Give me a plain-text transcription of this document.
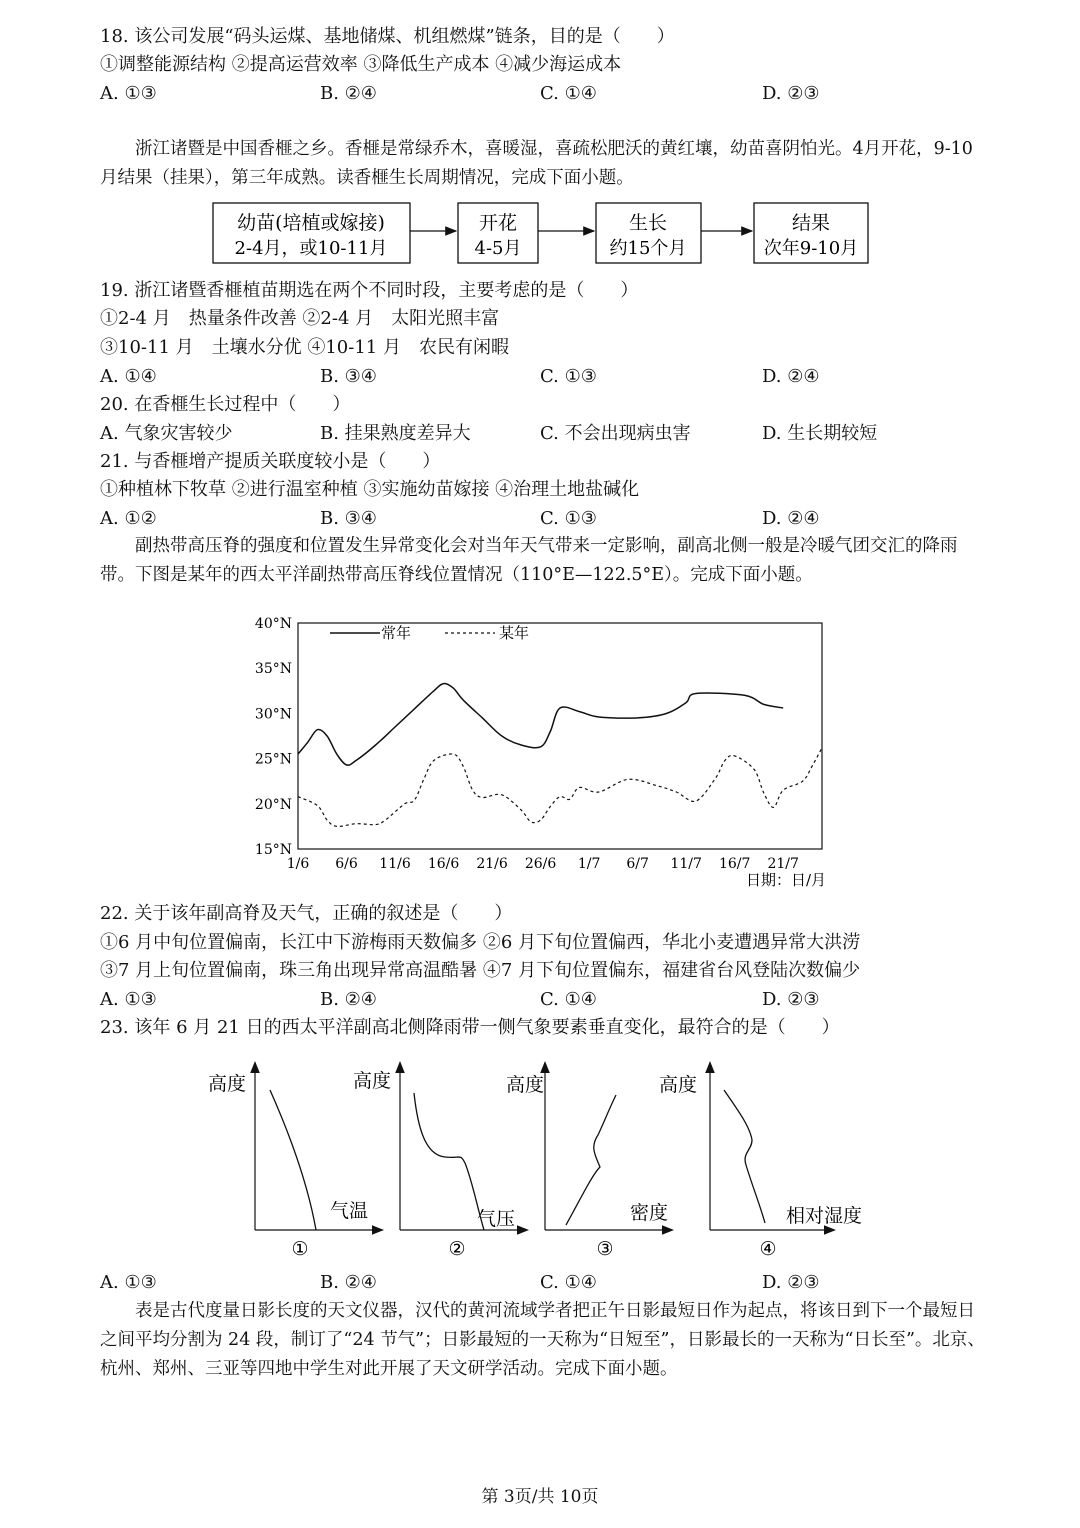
18. 该公司发展“码头运煤、基地储煤、机组燃煤”链条，目的是（　　）
①调整能源结构 ②提高运营效率 ③降低生产成本 ④减少海运成本
A. ①③	B. ②④	C. ①④	D. ②③
浙江诸暨是中国香榧之乡。香榧是常绿乔木，喜暖湿，喜疏松肥沃的黄红壤，幼苗喜阴怕光。4月开花，9-10月结果（挂果），第三年成熟。读香榧生长周期情况，完成下面小题。
幼苗(培植或嫁接)
2-4月，或10-11月
开花
4-5月
生长
约15个月
结果
次年9-10月
19. 浙江诸暨香榧植苗期选在两个不同时段，主要考虑的是（　　）
①2-4 月　热量条件改善 ②2-4 月　太阳光照丰富
③10-11 月　土壤水分优 ④10-11 月　农民有闲暇
A. ①④	B. ③④	C. ①③	D. ②④
20. 在香榧生长过程中（　　）
A. 气象灾害较少	B. 挂果熟度差异大	C. 不会出现病虫害	D. 生长期较短
21. 与香榧增产提质关联度较小是（　　）
①种植林下牧草 ②进行温室种植 ③实施幼苗嫁接 ④治理土地盐碱化
A. ①②	B. ③④	C. ①③	D. ②④
副热带高压脊的强度和位置发生异常变化会对当年天气带来一定影响，副高北侧一般是冷暖气团交汇的降雨带。下图是某年的西太平洋副热带高压脊线位置情况（110°E—122.5°E）。完成下面小题。
15°N
20°N
25°N
30°N
35°N
40°N
1/6 6/6 11/6 16/6 21/6 26/6 1/7 6/7 11/7 16/7 21/7
常年	某年
日期：日/月
22. 关于该年副高脊及天气，正确的叙述是（　　）
①6 月中旬位置偏南，长江中下游梅雨天数偏多 ②6 月下旬位置偏西，华北小麦遭遇异常大洪涝
③7 月上旬位置偏南，珠三角出现异常高温酷暑 ④7 月下旬位置偏东，福建省台风登陆次数偏少
A. ①③	B. ②④	C. ①④	D. ②③
23. 该年 6 月 21 日的西太平洋副高北侧降雨带一侧气象要素垂直变化，最符合的是（　　）
高度
气温
①
高度
气压
②
高度
密度
③
高度
相对湿度
④
A. ①③	B. ②④	C. ①④	D. ②③
表是古代度量日影长度的天文仪器，汉代的黄河流域学者把正午日影最短日作为起点，将该日到下一个最短日之间平均分割为 24 段，制订了“24 节气”；日影最短的一天称为“日短至”，日影最长的一天称为“日长至”。北京、杭州、郑州、三亚等四地中学生对此开展了天文研学活动。完成下面小题。
第 3页/共 10页
